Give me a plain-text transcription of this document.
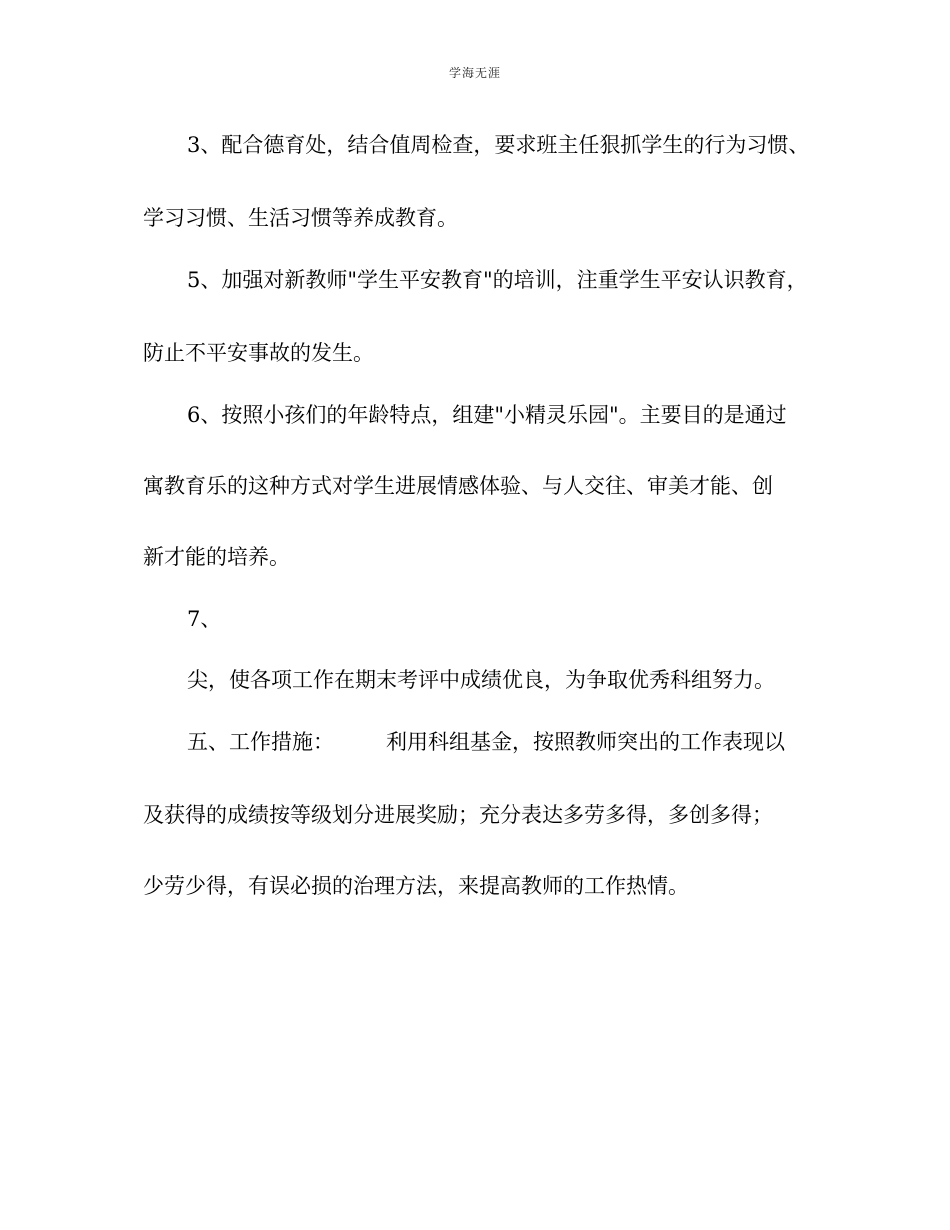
学海无涯
3、配合德育处，结合值周检查，要求班主任狠抓学生的行为习惯、
学习习惯、生活习惯等养成教育。
5、加强对新教师"学生平安教育"的培训，注重学生平安认识教育，
防止不平安事故的发生。
6、按照小孩们的年龄特点，组建"小精灵乐园"。主要目的是通过
寓教育乐的这种方式对学生进展情感体验、与人交往、审美才能、创
新才能的培养。
7、
尖，使各项工作在期末考评中成绩优良，为争取优秀科组努力。
五、工作措施： 利用科组基金，按照教师突出的工作表现以
及获得的成绩按等级划分进展奖励；充分表达多劳多得，多创多得；
少劳少得，有误必损的治理方法，来提高教师的工作热情。
